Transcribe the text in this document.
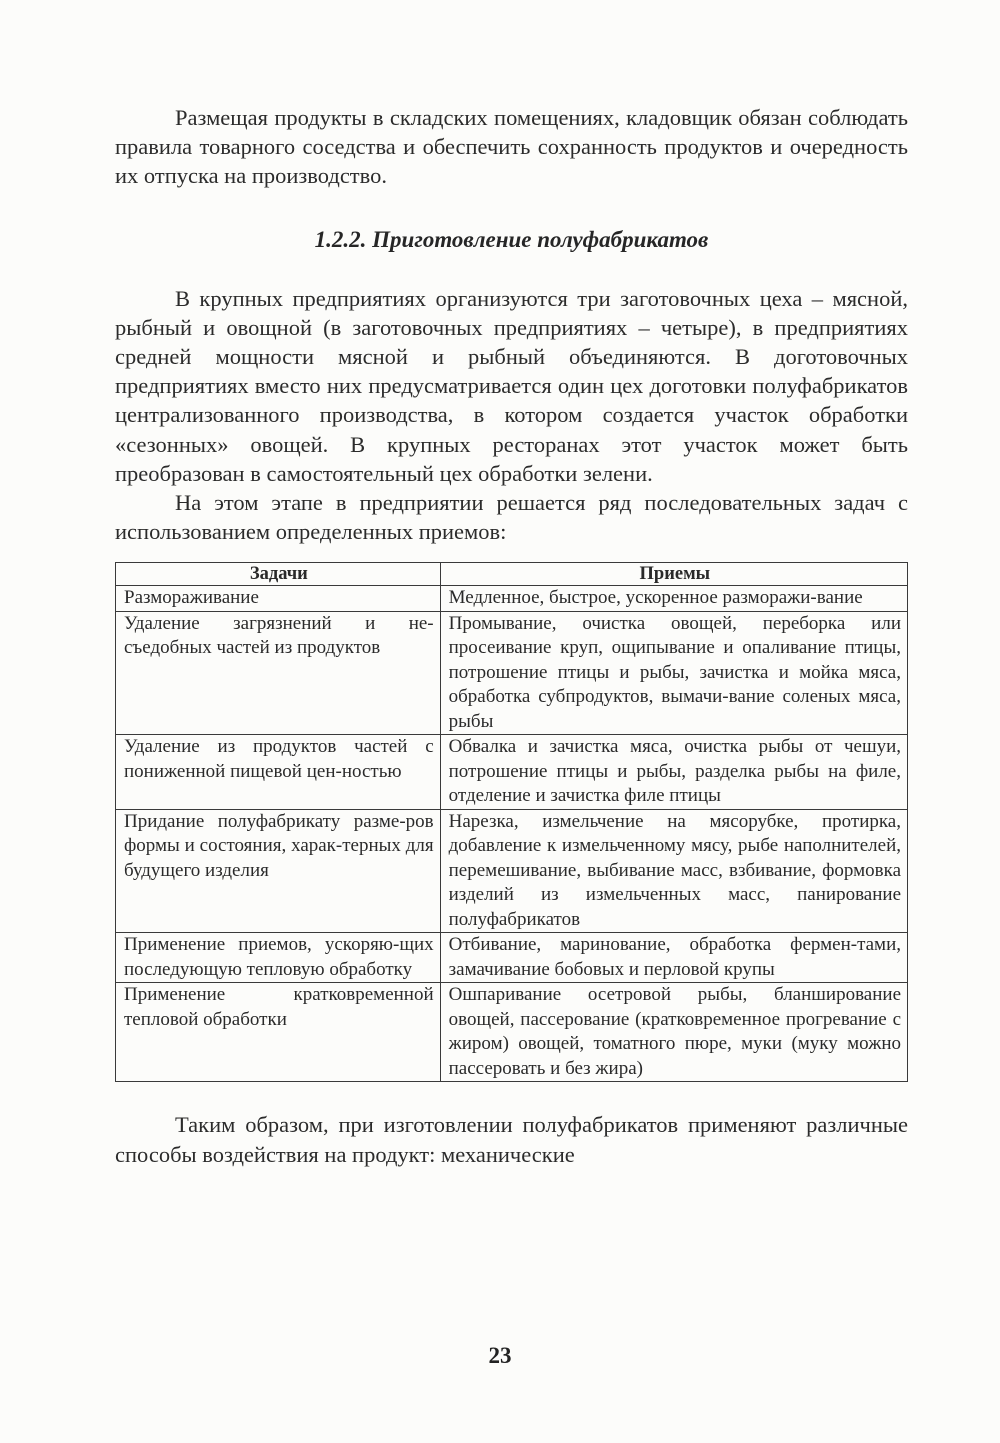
Размещая продукты в складских помещениях, кладовщик обязан соблюдать правила товарного соседства и обеспечить сохранность продуктов и очередность их отпуска на производство.

1.2.2. Приготовление полуфабрикатов

В крупных предприятиях организуются три заготовочных цеха – мясной, рыбный и овощной (в заготовочных предприятиях – четыре), в предприятиях средней мощности мясной и рыбный объединяются. В доготовочных предприятиях вместо них предусматривается один цех доготовки полуфабрикатов централизованного производства, в котором создается участок обработки «сезонных» овощей. В крупных ресторанах этот участок может быть преобразован в самостоятельный цех обработки зелени.

На этом этапе в предприятии решается ряд последовательных задач с использованием определенных приемов:

Задачи	Приемы
Размораживание	Медленное, быстрое, ускоренное разморажи-вание
Удаление загрязнений и не-съедобных частей из продуктов	Промывание, очистка овощей, переборка или просеивание круп, ощипывание и опаливание птицы, потрошение птицы и рыбы, зачистка и мойка мяса, обработка субпродуктов, вымачи-вание соленых мяса, рыбы
Удаление из продуктов частей с пониженной пищевой цен-ностью	Обвалка и зачистка мяса, очистка рыбы от чешуи, потрошение птицы и рыбы, разделка рыбы на филе, отделение и зачистка филе птицы
Придание полуфабрикату разме-ров формы и состояния, харак-терных для будущего изделия	Нарезка, измельчение на мясорубке, протирка, добавление к измельченному мясу, рыбе наполнителей, перемешивание, выбивание масс, взбивание, формовка изделий из измельченных масс, панирование полуфабрикатов
Применение приемов, ускоряю-щих последующую тепловую обработку	Отбивание, маринование, обработка фермен-тами, замачивание бобовых и перловой крупы
Применение кратковременной тепловой обработки	Ошпаривание осетровой рыбы, бланширование овощей, пассерование (кратковременное прогревание с жиром) овощей, томатного пюре, муки (муку можно пассеровать и без жира)

Таким образом, при изготовлении полуфабрикатов применяют различные способы воздействия на продукт: механические

23
